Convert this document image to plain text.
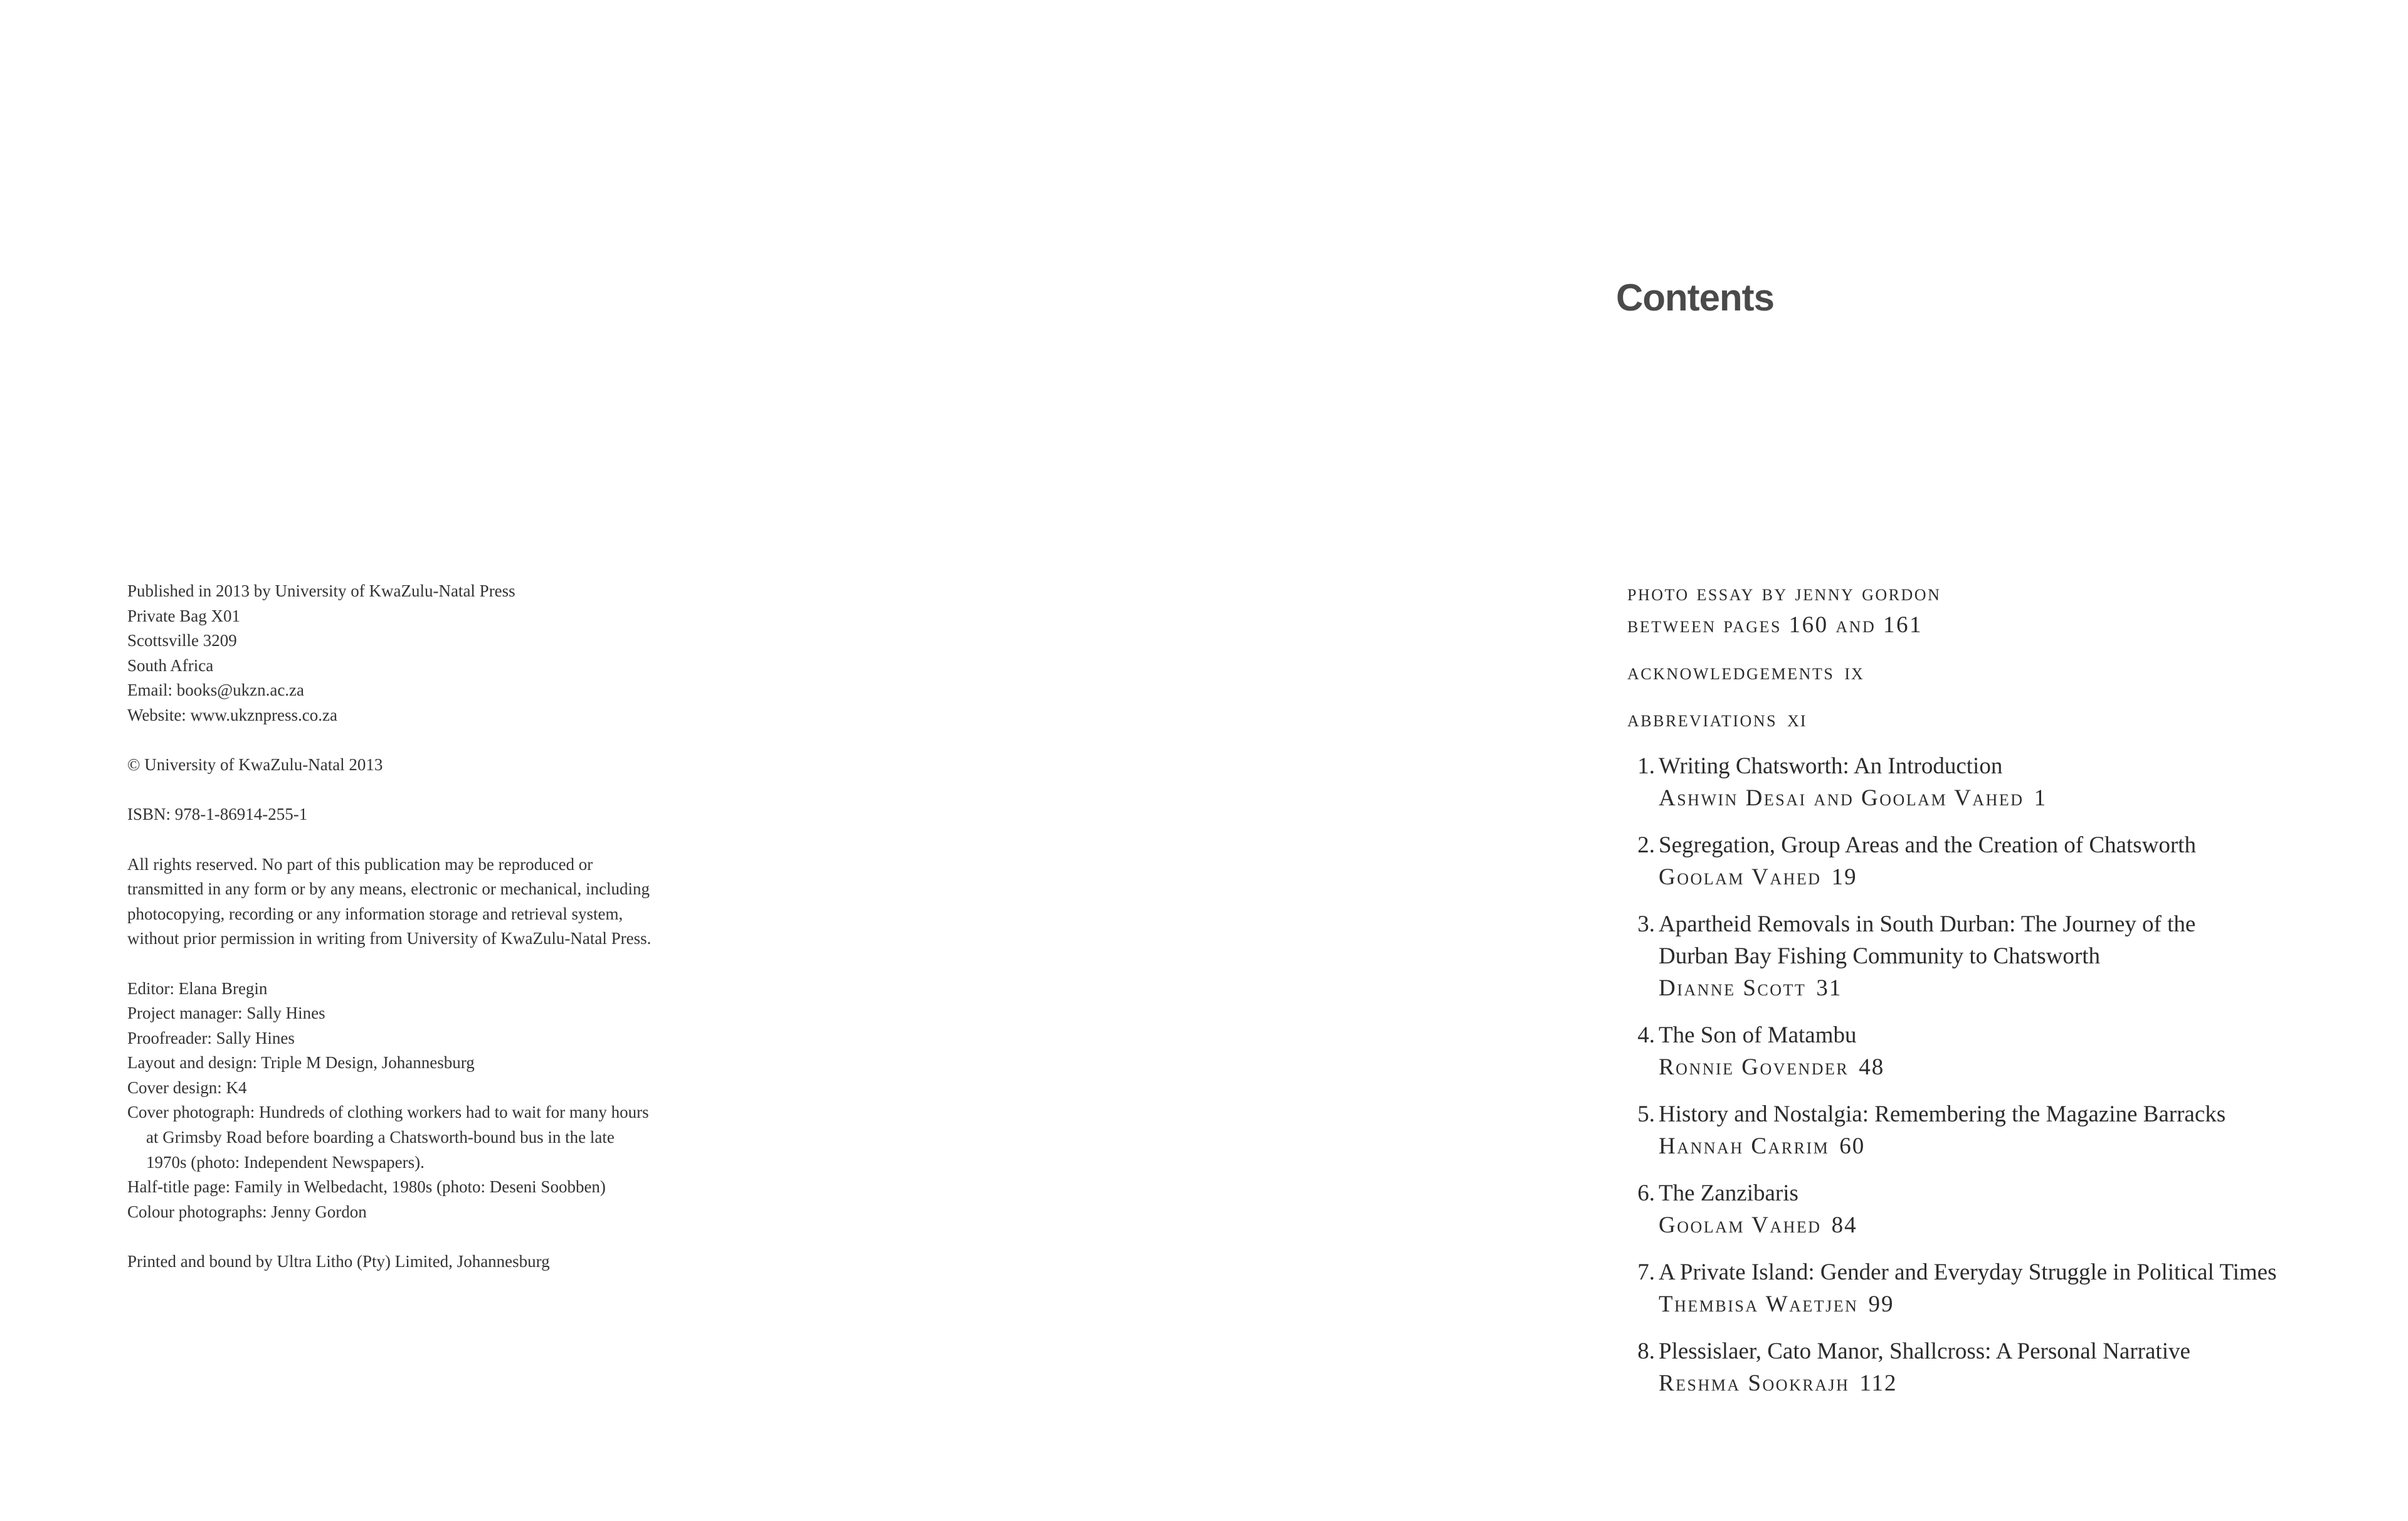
Published in 2013 by University of KwaZulu-Natal Press
Private Bag X01
Scottsville 3209
South Africa
Email: books@ukzn.ac.za
Website: www.ukznpress.co.za

© University of KwaZulu-Natal 2013

ISBN: 978-1-86914-255-1

All rights reserved. No part of this publication may be reproduced or
transmitted in any form or by any means, electronic or mechanical, including
photocopying, recording or any information storage and retrieval system,
without prior permission in writing from University of KwaZulu-Natal Press.

Editor: Elana Bregin
Project manager: Sally Hines
Proofreader: Sally Hines
Layout and design: Triple M Design, Johannesburg
Cover design: K4
Cover photograph: Hundreds of clothing workers had to wait for many hours
at Grimsby Road before boarding a Chatsworth-bound bus in the late
1970s (photo: Independent Newspapers).
Half-title page: Family in Welbedacht, 1980s (photo: Deseni Soobben)
Colour photographs: Jenny Gordon

Printed and bound by Ultra Litho (Pty) Limited, Johannesburg

Contents
photo essay by jenny gordon
between pages 160 and 161
acknowledgements ix
abbreviations xi
1. Writing Chatsworth: An Introduction
Ashwin Desai and Goolam Vahed 1
2. Segregation, Group Areas and the Creation of Chatsworth
Goolam Vahed 19
3. Apartheid Removals in South Durban: The Journey of the
Durban Bay Fishing Community to Chatsworth
Dianne Scott 31
4. The Son of Matambu
Ronnie Govender 48
5. History and Nostalgia: Remembering the Magazine Barracks
Hannah Carrim 60
6. The Zanzibaris
Goolam Vahed 84
7. A Private Island: Gender and Everyday Struggle in Political Times
Thembisa Waetjen 99
8. Plessislaer, Cato Manor, Shallcross: A Personal Narrative
Reshma Sookrajh 112
